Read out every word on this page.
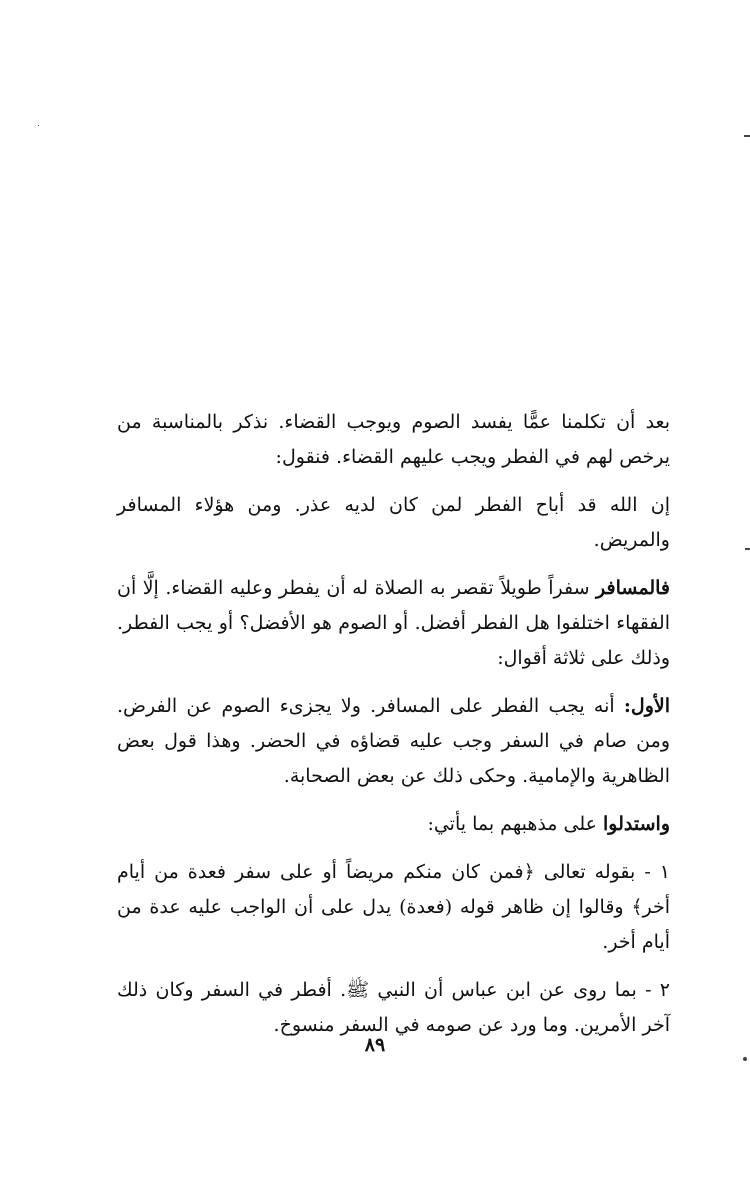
بعد أن تكلمنا عمًّا يفسد الصوم ويوجب القضاء. نذكر بالمناسبة من يرخص لهم في الفطر ويجب عليهم القضاء. فنقول:

إن الله قد أباح الفطر لمن كان لديه عذر. ومن هؤلاء المسافر والمريض.

فالمسافر سفراً طويلاً تقصر به الصلاة له أن يفطر وعليه القضاء. إلَّا أن الفقهاء اختلفوا هل الفطر أفضل. أو الصوم هو الأفضل؟ أو يجب الفطر. وذلك على ثلاثة أقوال:

الأول: أنه يجب الفطر على المسافر. ولا يجزىء الصوم عن الفرض. ومن صام في السفر وجب عليه قضاؤه في الحضر. وهذا قول بعض الظاهرية والإمامية. وحكى ذلك عن بعض الصحابة.

واستدلوا على مذهبهم بما يأتي:

١ - بقوله تعالى ﴿فمن كان منكم مريضاً أو على سفر فعدة من أيام أخر﴾ وقالوا إن ظاهر قوله (فعدة) يدل على أن الواجب عليه عدة من أيام أخر.

٢ - بما روى عن ابن عباس أن النبي ﷺ. أفطر في السفر وكان ذلك آخر الأمرين. وما ورد عن صومه في السفر منسوخ.

٨٩
